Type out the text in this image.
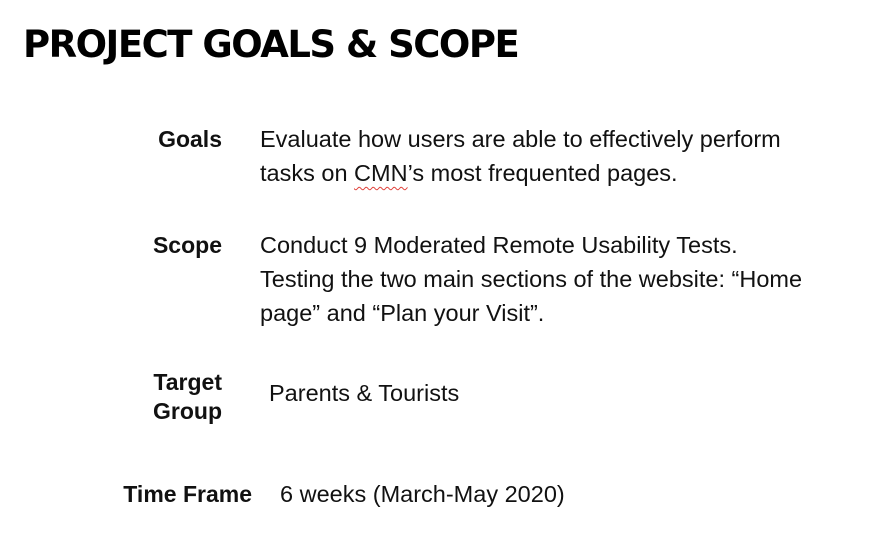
PROJECT GOALS & SCOPE
Goals Evaluate how users are able to effectively perform
tasks on CMN’s most frequented pages.
Scope Conduct 9 Moderated Remote Usability Tests.
Testing the two main sections of the website: “Home
page” and “Plan your Visit”.
Target
Group
Parents & Tourists
Time Frame 6 weeks (March-May 2020)
